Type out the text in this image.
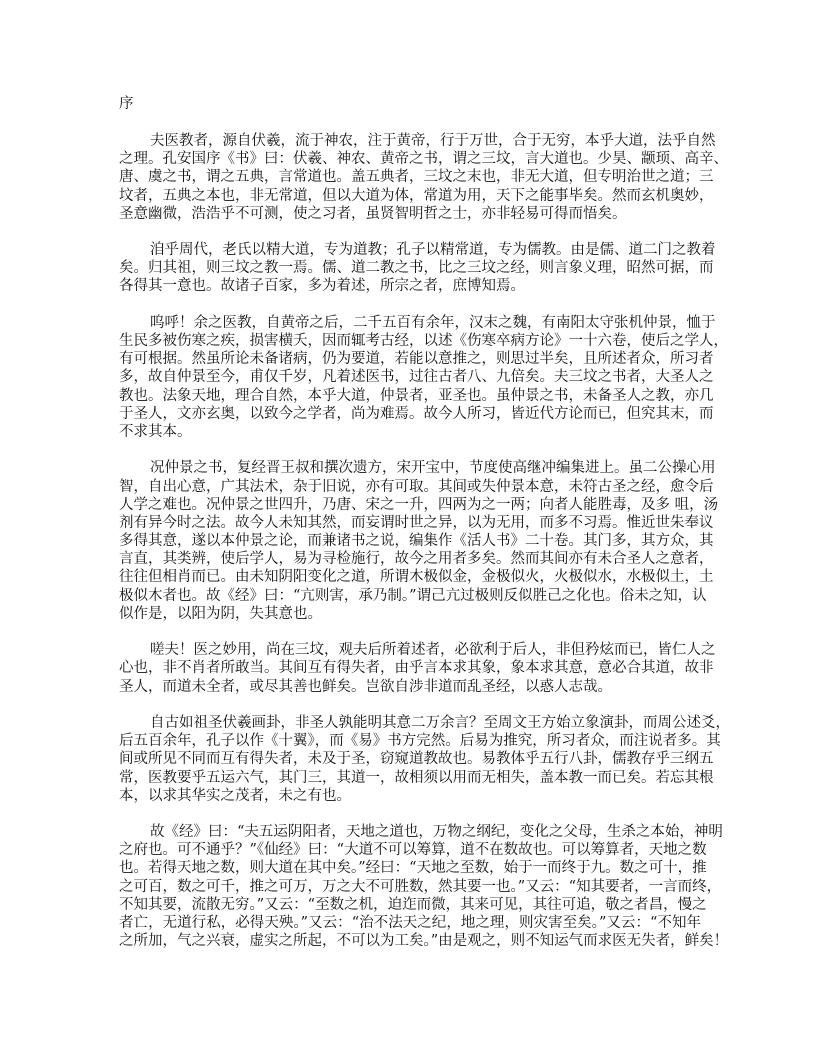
序
夫医教者，源自伏羲，流于神农，注于黄帝，行于万世，合于无穷，本乎大道，法乎自然
之理。孔安国序《书》曰：伏羲、神农、黄帝之书，谓之三坟，言大道也。少昊、颛顼、高辛、
唐、虞之书，谓之五典，言常道也。盖五典者，三坟之末也，非无大道，但专明治世之道；三
坟者，五典之本也，非无常道，但以大道为体，常道为用，天下之能事毕矣。然而玄机奥妙，
圣意幽微，浩浩乎不可测，使之习者，虽贤智明哲之士，亦非轻易可得而悟矣。
洎乎周代，老氏以精大道，专为道教；孔子以精常道，专为儒教。由是儒、道二门之教着
矣。归其祖，则三坟之教一焉。儒、道二教之书，比之三坟之经，则言象义理，昭然可据，而
各得其一意也。故诸子百家，多为着述，所宗之者，庶博知焉。
呜呼！余之医教，自黄帝之后，二千五百有余年，汉末之魏，有南阳太守张机仲景，恤于
生民多被伤寒之疾，损害横夭，因而辄考古经，以述《伤寒卒病方论》一十六卷，使后之学人，
有可根据。然虽所论未备诸病，仍为要道，若能以意推之，则思过半矣，且所述者众，所习者
多，故自仲景至今，甫仅千岁，凡着述医书，过往古者八、九倍矣。夫三坟之书者，大圣人之
教也。法象天地，理合自然，本乎大道，仲景者，亚圣也。虽仲景之书，未备圣人之教，亦几
于圣人，文亦玄奥，以致今之学者，尚为难焉。故今人所习，皆近代方论而已，但究其末，而
不求其本。
况仲景之书，复经晋王叔和撰次遗方，宋开宝中，节度使高继冲编集进上。虽二公操心用
智，自出心意，广其法术，杂于旧说，亦有可取。其间或失仲景本意，未符古圣之经，愈令后
人学之难也。况仲景之世四升，乃唐、宋之一升，四两为之一两；向者人能胜毒，及多 咀，汤
剂有异今时之法。故今人未知其然，而妄谓时世之异，以为无用，而多不习焉。惟近世朱奉议
多得其意，遂以本仲景之论，而兼诸书之说，编集作《活人书》二十卷。其门多，其方众，其
言直，其类辨，使后学人，易为寻检施行，故今之用者多矣。然而其间亦有未合圣人之意者，
往往但相肖而已。由未知阴阳变化之道，所谓木极似金，金极似火，火极似水，水极似土，土
极似木者也。故《经》曰：“亢则害，承乃制。”谓己亢过极则反似胜己之化也。俗未之知，认
似作是，以阳为阴，失其意也。
嗟夫！医之妙用，尚在三坟，观夫后所着述者，必欲利于后人，非但矜炫而已，皆仁人之
心也，非不肖者所敢当。其间互有得失者，由乎言本求其象，象本求其意，意必合其道，故非
圣人，而道未全者，或尽其善也鲜矣。岂欲自涉非道而乱圣经，以惑人志哉。
自古如祖圣伏羲画卦，非圣人孰能明其意二万余言？至周文王方始立象演卦，而周公述爻，
后五百余年，孔子以作《十翼》，而《易》书方完然。后易为推究，所习者众，而注说者多。其
间或所见不同而互有得失者，未及于圣，窃窥道教故也。易教体乎五行八卦，儒教存乎三纲五
常，医教要乎五运六气，其门三，其道一，故相须以用而无相失，盖本教一而已矣。若忘其根
本，以求其华实之茂者，未之有也。
故《经》曰：“夫五运阴阳者，天地之道也，万物之纲纪，变化之父母，生杀之本始，神明
之府也。可不通乎？”《仙经》曰：“大道不可以筹算，道不在数故也。可以筹算者，天地之数
也。若得天地之数，则大道在其中矣。”经曰：“天地之至数，始于一而终于九。数之可十，推
之可百，数之可千，推之可万，万之大不可胜数，然其要一也。”又云：“知其要者，一言而终，
不知其要，流散无穷。”又云：“至数之机，迫迮而微，其来可见，其往可追，敬之者昌，慢之
者亡，无道行私，必得天殃。”又云：“治不法天之纪，地之理，则灾害至矣。”又云：“不知年
之所加，气之兴衰，虚实之所起，不可以为工矣。”由是观之，则不知运气而求医无失者，鲜矣！
